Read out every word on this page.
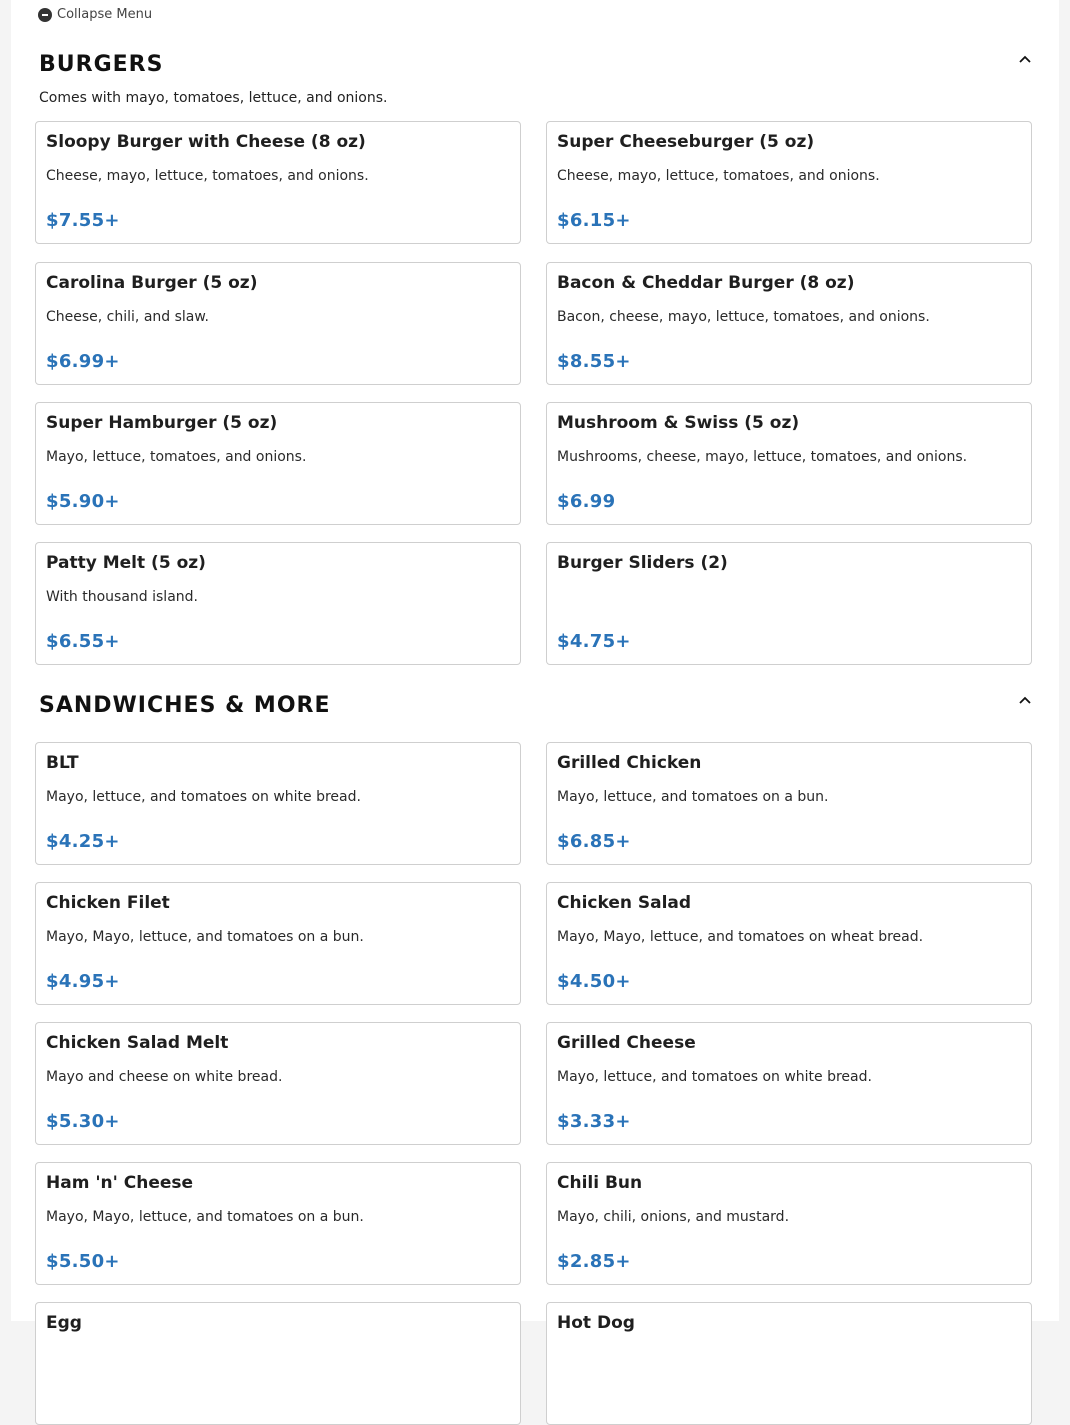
Collapse Menu
BURGERS
Comes with mayo, tomatoes, lettuce, and onions.
Sloopy Burger with Cheese (8 oz)
Cheese, mayo, lettuce, tomatoes, and onions.
$7.55+
Super Cheeseburger (5 oz)
Cheese, mayo, lettuce, tomatoes, and onions.
$6.15+
Carolina Burger (5 oz)
Cheese, chili, and slaw.
$6.99+
Bacon & Cheddar Burger (8 oz)
Bacon, cheese, mayo, lettuce, tomatoes, and onions.
$8.55+
Super Hamburger (5 oz)
Mayo, lettuce, tomatoes, and onions.
$5.90+
Mushroom & Swiss (5 oz)
Mushrooms, cheese, mayo, lettuce, tomatoes, and onions.
$6.99
Patty Melt (5 oz)
With thousand island.
$6.55+
Burger Sliders (2)
$4.75+
SANDWICHES & MORE
BLT
Mayo, lettuce, and tomatoes on white bread.
$4.25+
Grilled Chicken
Mayo, lettuce, and tomatoes on a bun.
$6.85+
Chicken Filet
Mayo, Mayo, lettuce, and tomatoes on a bun.
$4.95+
Chicken Salad
Mayo, Mayo, lettuce, and tomatoes on wheat bread.
$4.50+
Chicken Salad Melt
Mayo and cheese on white bread.
$5.30+
Grilled Cheese
Mayo, lettuce, and tomatoes on white bread.
$3.33+
Ham 'n' Cheese
Mayo, Mayo, lettuce, and tomatoes on a bun.
$5.50+
Chili Bun
Mayo, chili, onions, and mustard.
$2.85+
Egg	Hot Dog
